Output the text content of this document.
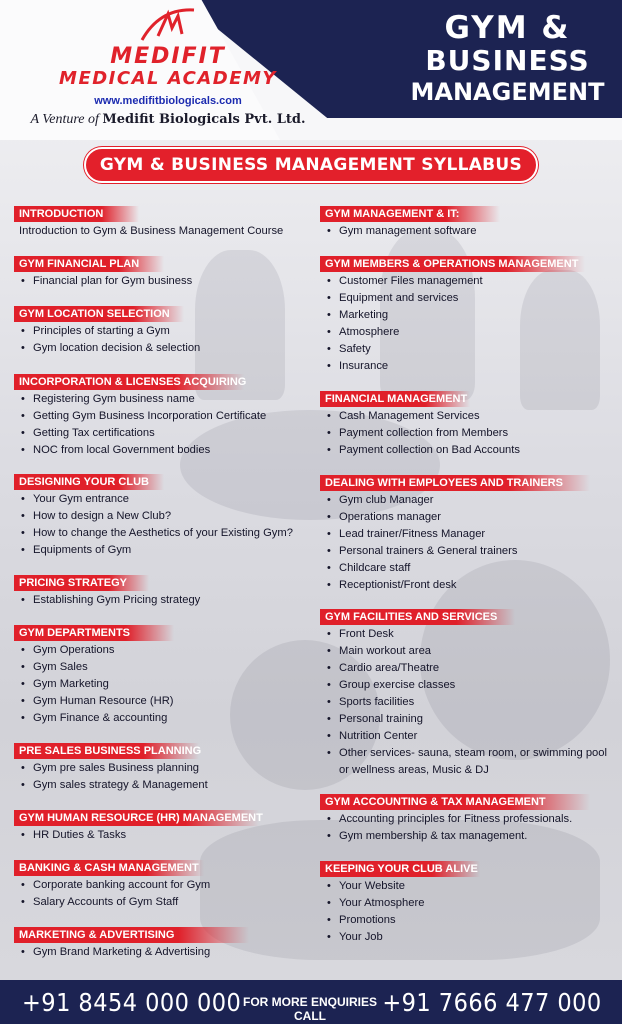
MEDIFIT
MEDICAL ACADEMY
www.medifitbiologicals.com
A Venture of Medifit Biologicals Pvt. Ltd.
GYM &
BUSINESS
MANAGEMENT
GYM & BUSINESS MANAGEMENT SYLLABUS
INTRODUCTION
Introduction to Gym & Business Management Course
GYM FINANCIAL PLAN
• Financial plan for Gym business
GYM LOCATION SELECTION
• Principles of starting a Gym
• Gym location decision & selection
INCORPORATION & LICENSES ACQUIRING
• Registering Gym business name
• Getting Gym Business Incorporation Certificate
• Getting Tax certifications
• NOC from local Government bodies
DESIGNING YOUR CLUB
• Your Gym entrance
• How to design a New Club?
• How to change the Aesthetics of your Existing Gym?
• Equipments of Gym
PRICING STRATEGY
• Establishing Gym Pricing strategy
GYM DEPARTMENTS
• Gym Operations
• Gym Sales
• Gym Marketing
• Gym Human Resource (HR)
• Gym Finance & accounting
PRE SALES BUSINESS PLANNING
• Gym pre sales Business planning
• Gym sales strategy & Management
GYM HUMAN RESOURCE (HR) MANAGEMENT
• HR Duties & Tasks
BANKING & CASH MANAGEMENT
• Corporate banking account for Gym
• Salary Accounts of Gym Staff
MARKETING & ADVERTISING
• Gym Brand Marketing & Advertising
GYM MANAGEMENT & IT:
• Gym management software
GYM MEMBERS & OPERATIONS MANAGEMENT
• Customer Files management
• Equipment and services
• Marketing
• Atmosphere
• Safety
• Insurance
FINANCIAL MANAGEMENT
• Cash Management Services
• Payment collection from Members
• Payment collection on Bad Accounts
DEALING WITH EMPLOYEES AND TRAINERS
• Gym club Manager
• Operations manager
• Lead trainer/Fitness Manager
• Personal trainers & General trainers
• Childcare staff
• Receptionist/Front desk
GYM FACILITIES AND SERVICES
• Front Desk
• Main workout area
• Cardio area/Theatre
• Group exercise classes
• Sports facilities
• Personal training
• Nutrition Center
• Other services- sauna, steam room, or swimming pool
or wellness areas, Music & DJ
GYM ACCOUNTING & TAX MANAGEMENT
• Accounting principles for Fitness professionals.
• Gym membership & tax management.
KEEPING YOUR CLUB ALIVE
• Your Website
• Your Atmosphere
• Promotions
• Your Job
+91 8454 000 000 FOR MORE ENQUIRIES CALL	+91 7666 477 000
